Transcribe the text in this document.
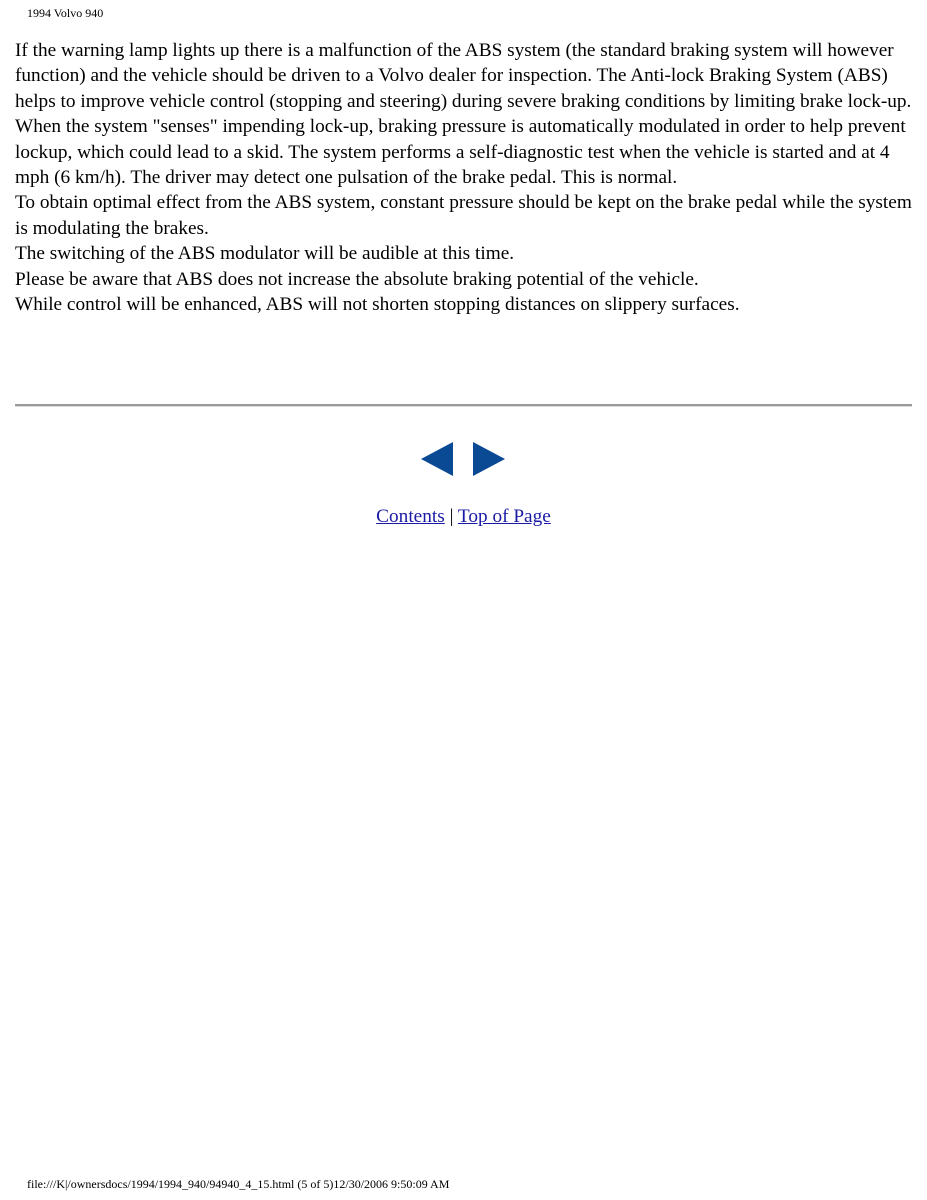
1994 Volvo 940

If the warning lamp lights up there is a malfunction of the ABS system (the standard braking system will however function) and the vehicle should be driven to a Volvo dealer for inspection. The Anti-lock Braking System (ABS) helps to improve vehicle control (stopping and steering) during severe braking conditions by limiting brake lock-up. When the system "senses" impending lock-up, braking pressure is automatically modulated in order to help prevent lockup, which could lead to a skid. The system performs a self-diagnostic test when the vehicle is started and at 4 mph (6 km/h). The driver may detect one pulsation of the brake pedal. This is normal.

To obtain optimal effect from the ABS system, constant pressure should be kept on the brake pedal while the system is modulating the brakes.

The switching of the ABS modulator will be audible at this time.

Please be aware that ABS does not increase the absolute braking potential of the vehicle.

While control will be enhanced, ABS will not shorten stopping distances on slippery surfaces.

Contents | Top of Page
file:///K|/ownersdocs/1994/1994_940/94940_4_15.html (5 of 5)12/30/2006 9:50:09 AM
